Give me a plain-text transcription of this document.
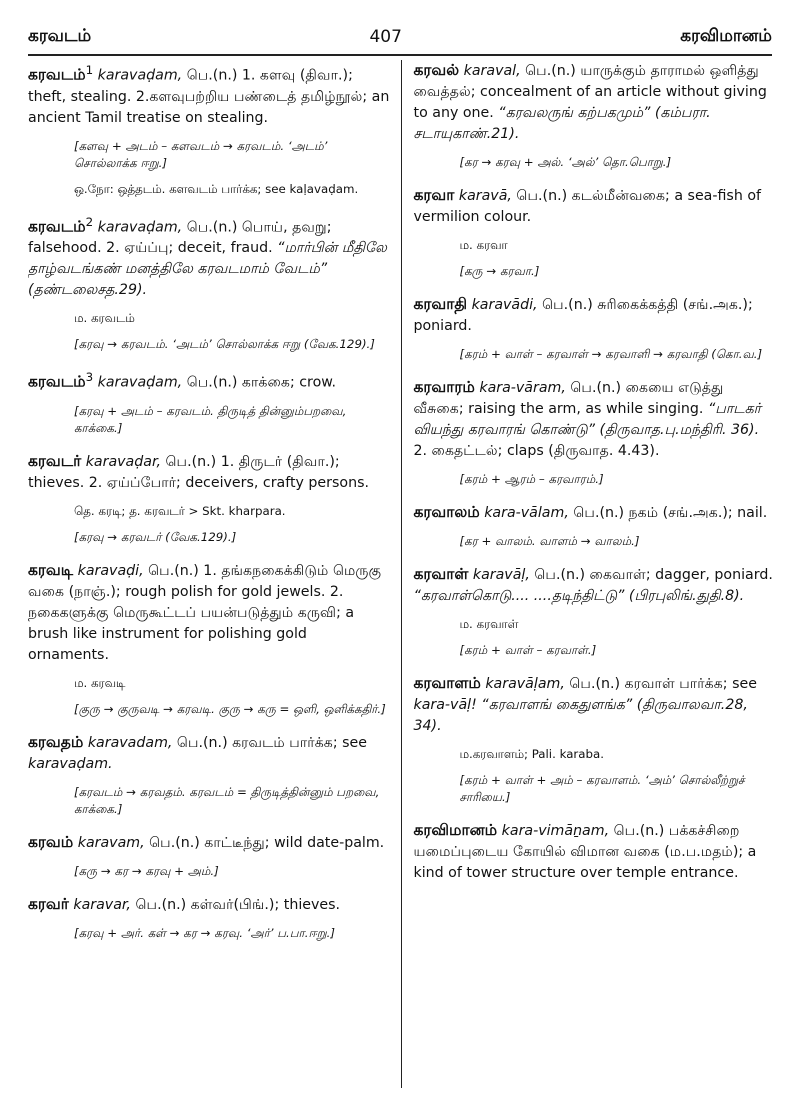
கரவடம்	407	கரவிமானம்

கரவடம்$^1$ karavaḍam, பெ.(n.) 1. களவு (திவா.); theft, stealing. 2.களவுபற்றிய பண்டைத் தமிழ்நூல்; an ancient Tamil treatise on stealing.

[களவு + அடம் – களவடம் → கரவடம். ‘அடம்’ சொல்லாக்க ஈறு.]
ஒ.நோ: ஒத்தடம். களவடம் பார்க்க; see kaḷavaḍam.

கரவடம்$^2$ karavaḍam, பெ.(n.) பொய், தவறு; falsehood. 2. ஏய்ப்பு; deceit, fraud. “மார்பின் மீதிலே தாழ்வடங்கண் மனத்திலே கரவடமாம் வேடம்” (தண்டலைசத.29).

ம. கரவடம்
[கரவு → கரவடம். ‘அடம்’ சொல்லாக்க ஈறு (வேக.129).]

கரவடம்$^3$ karavaḍam, பெ.(n.) காக்கை; crow.

[கரவு + அடம் – கரவடம். திருடித் தின்னும்பறவை, காக்கை.]

கரவடர் karavaḍar, பெ.(n.) 1. திருடர் (திவா.); thieves. 2. ஏய்ப்போர்; deceivers, crafty persons.

தெ. கரடி; த. கரவடர் > Skt. kharpara.
[கரவு → கரவடர் (வேக.129).]

கரவடி karavaḍi, பெ.(n.) 1. தங்கநகைக்கிடும் மெருகு வகை (நாஞ்.); rough polish for gold jewels. 2. நகைகளுக்கு மெருகூட்டப் பயன்படுத்தும் கருவி; a brush like instrument for polishing gold ornaments.

ம. கரவடி
[குரு → குருவடி → கரவடி. குரு → கரு = ஒளி, ஒளிக்கதிர்.]

கரவதம் karavadam, பெ.(n.) கரவடம் பார்க்க; see karavaḍam.

[கரவடம் → கரவதம். கரவடம் = திருடித்தின்னும் பறவை, காக்கை.]

கரவம் karavam, பெ.(n.) காட்டீந்து; wild date-palm.

[கரு → கர → கரவு + அம்.]

கரவர் karavar, பெ.(n.) கள்வர்(பிங்.); thieves.

[கரவு + அர். கள் → கர → கரவு. ‘அர்’ ப.பா.ஈறு.]

கரவல் karaval, பெ.(n.) யாருக்கும் தாராமல் ஒளித்து வைத்தல்; concealment of an article without giving to any one. “கரவலருங் கற்பகமும்” (கம்பரா. சடாயுகாண்.21).

[கர → கரவு + அல். ‘அல்’ தொ.பொறு.]

கரவா karavā, பெ.(n.) கடல்மீன்வகை; a sea-fish of vermilion colour.

ம. கரவா
[கரு → கரவா.]

கரவாதி karavādi, பெ.(n.) சுரிகைக்கத்தி (சங்.அக.); poniard.

[கரம் + வாள் – கரவாள் → கரவாளி → கரவாதி (கொ.வ.]

கரவாரம் kara-vāram, பெ.(n.) கையை எடுத்து வீசுகை; raising the arm, as while singing. “பாடகர் வியந்து கரவாரங் கொண்டு” (திருவாத.பு.மந்திரி. 36). 2. கைதட்டல்; claps (திருவாத. 4.43).

[கரம் + ஆரம் – கரவாரம்.]

கரவாலம் kara-vālam, பெ.(n.) நகம் (சங்.அக.); nail.

[கர + வாலம். வாளம் → வாலம்.]

கரவாள் karavāḷ, பெ.(n.) கைவாள்; dagger, poniard. “கரவாள்கொடு.... ....தடிந்திட்டு” (பிரபுலிங்.துதி.8).

ம. கரவாள்
[கரம் + வாள் – கரவாள்.]

கரவாளம் karavāḷam, பெ.(n.) கரவாள் பார்க்க; see kara-vāḷ! “கரவாளங் கைதுளங்க” (திருவாலவா.28, 34).

ம.கரவாளம்; Pali. karaba.
[கரம் + வாள் + அம் – கரவாளம். ‘அம்’ சொல்லீற்றுச் சாரியை.]

கரவிமானம் kara-vimāṉam, பெ.(n.) பக்கச்சிறை யமைப்புடைய கோயில் விமான வகை (ம.ப.மதம்); a kind of tower structure over temple entrance.
